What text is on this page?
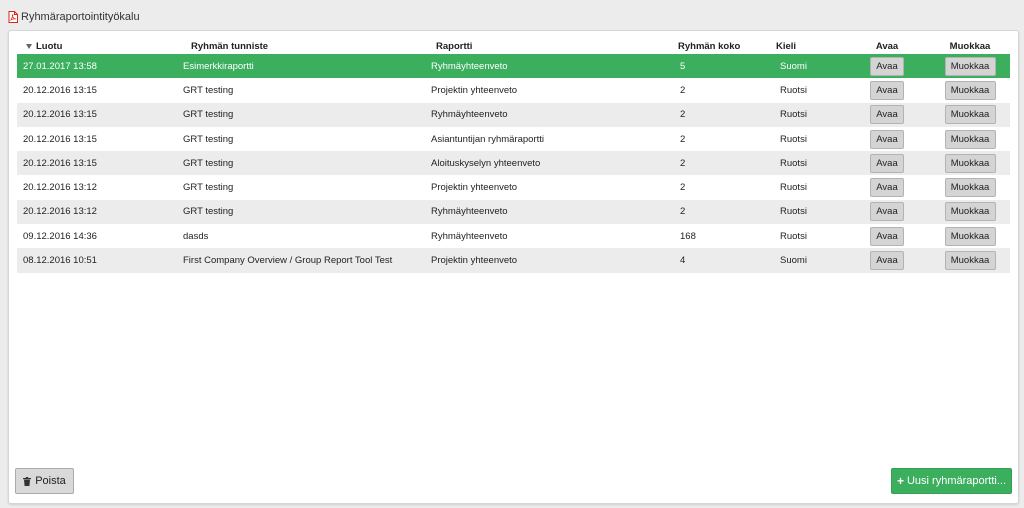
Ryhmäraportointityökalu
Luotu	Ryhmän tunniste	Raportti	Ryhmän koko	Kieli	Avaa	Muokkaa
27.01.2017 13:58	Esimerkkiraportti	Ryhmäyhteenveto	5	Suomi	Avaa	Muokkaa
20.12.2016 13:15	GRT testing	Projektin yhteenveto	2	Ruotsi	Avaa	Muokkaa
20.12.2016 13:15	GRT testing	Ryhmäyhteenveto	2	Ruotsi	Avaa	Muokkaa
20.12.2016 13:15	GRT testing	Asiantuntijan ryhmäraportti	2	Ruotsi	Avaa	Muokkaa
20.12.2016 13:15	GRT testing	Aloituskyselyn yhteenveto	2	Ruotsi	Avaa	Muokkaa
20.12.2016 13:12	GRT testing	Projektin yhteenveto	2	Ruotsi	Avaa	Muokkaa
20.12.2016 13:12	GRT testing	Ryhmäyhteenveto	2	Ruotsi	Avaa	Muokkaa
09.12.2016 14:36	dasds	Ryhmäyhteenveto	168	Ruotsi	Avaa	Muokkaa
08.12.2016 10:51	First Company Overview / Group Report Tool Test	Projektin yhteenveto	4	Suomi	Avaa	Muokkaa
Poista	+ Uusi ryhmäraportti...
